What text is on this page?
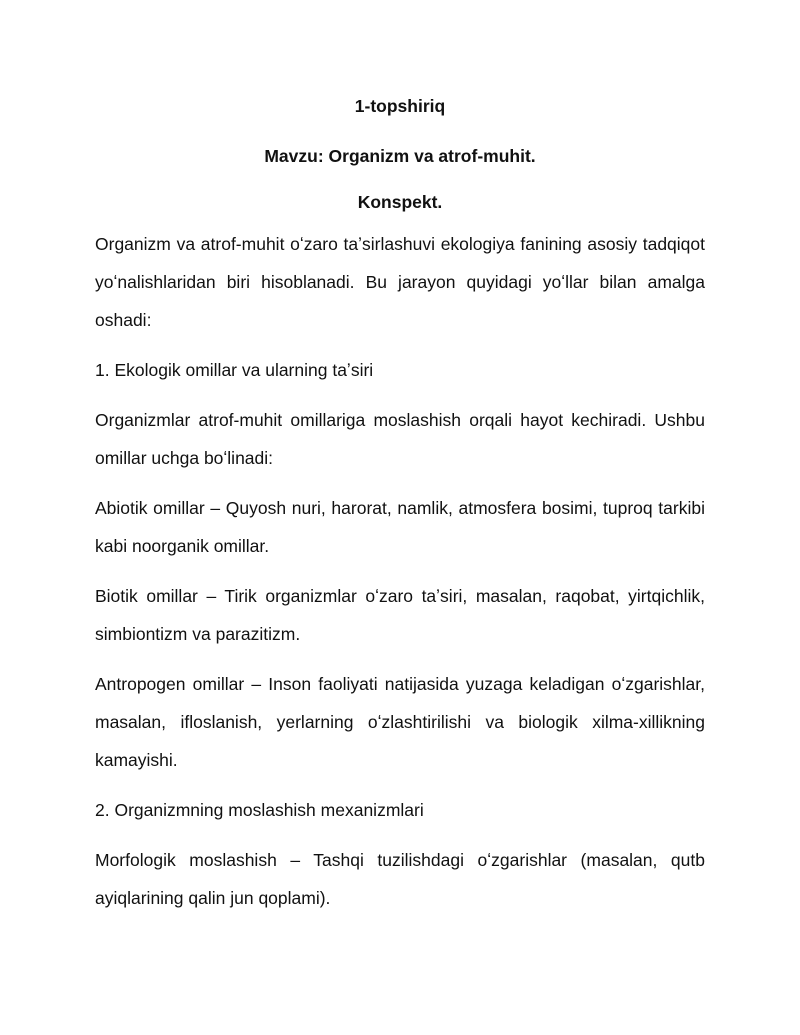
1-topshiriq
Mavzu: Organizm va atrof-muhit.
Konspekt.

Organizm va atrof-muhit oʻzaro taʼsirlashuvi ekologiya fanining asosiy tadqiqot yoʻnalishlaridan biri hisoblanadi. Bu jarayon quyidagi yoʻllar bilan amalga oshadi:

1. Ekologik omillar va ularning taʼsiri

Organizmlar atrof-muhit omillariga moslashish orqali hayot kechiradi. Ushbu omillar uchga boʻlinadi:

Abiotik omillar – Quyosh nuri, harorat, namlik, atmosfera bosimi, tuproq tarkibi kabi noorganik omillar.

Biotik omillar – Tirik organizmlar oʻzaro taʼsiri, masalan, raqobat, yirtqichlik, simbiontizm va parazitizm.

Antropogen omillar – Inson faoliyati natijasida yuzaga keladigan oʻzgarishlar, masalan, ifloslanish, yerlarning oʻzlashtirilishi va biologik xilma-xillikning kamayishi.

2. Organizmning moslashish mexanizmlari

Morfologik moslashish – Tashqi tuzilishdagi oʻzgarishlar (masalan, qutb ayiqlarining qalin jun qoplami).
